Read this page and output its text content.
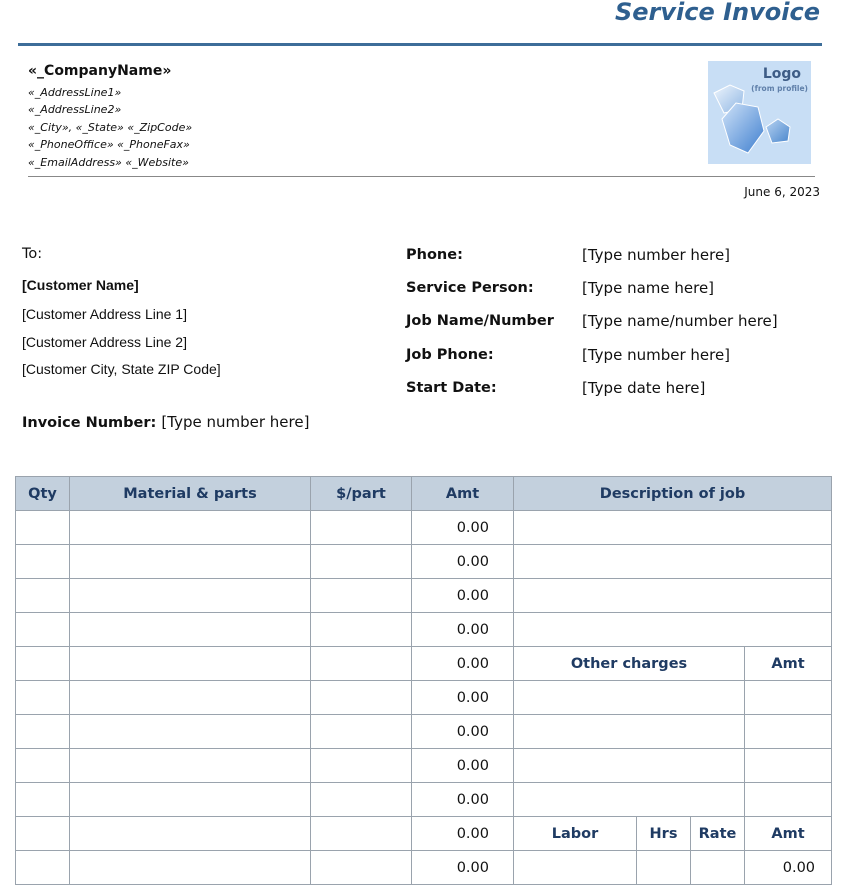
Service Invoice
«_CompanyName»
«_AddressLine1»
«_AddressLine2»
«_City», «_State» «_ZipCode»
«_PhoneOffice» «_PhoneFax»
«_EmailAddress» «_Website»
Logo
(from profile)
June 6, 2023
To:
[Customer Name]
[Customer Address Line 1]
[Customer Address Line 2]
[Customer City, State ZIP Code]
Phone:	[Type number here]
Service Person:	[Type name here]
Job Name/Number [Type name/number here]
Job Phone:	[Type number here]
Start Date:	[Type date here]
Invoice Number: [Type number here]
Qty	Material & parts	$/part	Amt	Description of job			
			0.00				
			0.00				
			0.00				
			0.00				
			0.00	Other charges			Amt
			0.00				
			0.00				
			0.00				
			0.00				
			0.00	Labor	Hrs	Rate	Amt
			0.00				0.00
